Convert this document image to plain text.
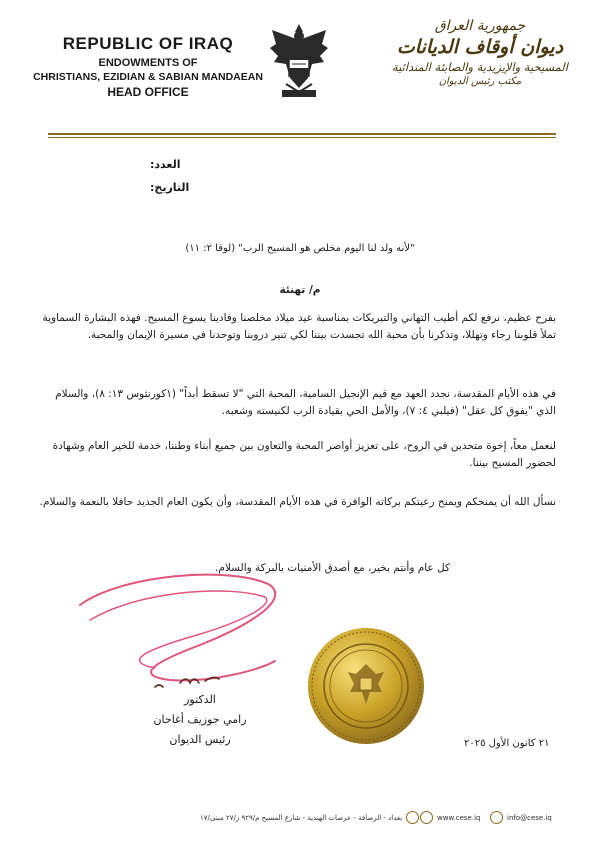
REPUBLIC OF IRAQ
ENDOWMENTS OF
CHRISTIANS, EZIDIAN & SABIAN MANDAEAN
HEAD OFFICE
جمهورية العراق
ديوان أوقاف الديانات
المسيحية والإيزيدية والصابئة المندائية
مكتب رئيس الديوان
العدد:
التاريخ:
"لأنه ولد لنا اليوم مخلص هو المسيح الرب" (لوقا ٢: ١١)
م/ تهنئة
بفرح عظيم، نرفع لكم أطيب التهاني والتبريكات بمناسبة عيد ميلاد مخلصنا وفادينا يسوع المسيح. فهذه البشارة السماوية تملأ قلوبنا رجاء وتهللا، وتذكرنا بأن محبة الله تجسدت بيننا لكي تنير دروبنا وتوحدنا في مسيرة الإيمان والمحبة.
في هذه الأيام المقدسة، نجدد العهد مع قيم الإنجيل السامية، المحبة التي "لا تسقط أبداً" (١كورنثوس ١٣: ٨)، والسلام الذي "يفوق كل عقل" (فيلبي ٤: ٧)، والأمل الحي بقيادة الرب لكنيسته وشعبه.
لنعمل معاً، إخوة متحدين في الروح، على تعزيز أواصر المحبة والتعاون بين جميع أبناء وطننا، خدمة للخير العام وشهادة لحضور المسيح بيننا.
نسأل الله أن يمنحكم ويمنح رعيتكم بركاته الوافرة في هذه الأيام المقدسة، وأن يكون العام الجديد حافلا بالنعمة والسلام.
كل عام وأنتم بخير، مع أصدق الأمنيات بالبركة والسلام.
الدكتور
رامي جوزيف أغاجان
رئيس الديوان	٢١ كانون الأول ٢٠٢٥
info@cese.iq
www.cese.iq
بغداد - الرصافة - عرصات الهندية - شارع المسبح م/٩٢٩ ز/٢٧ مبنى/١٧
